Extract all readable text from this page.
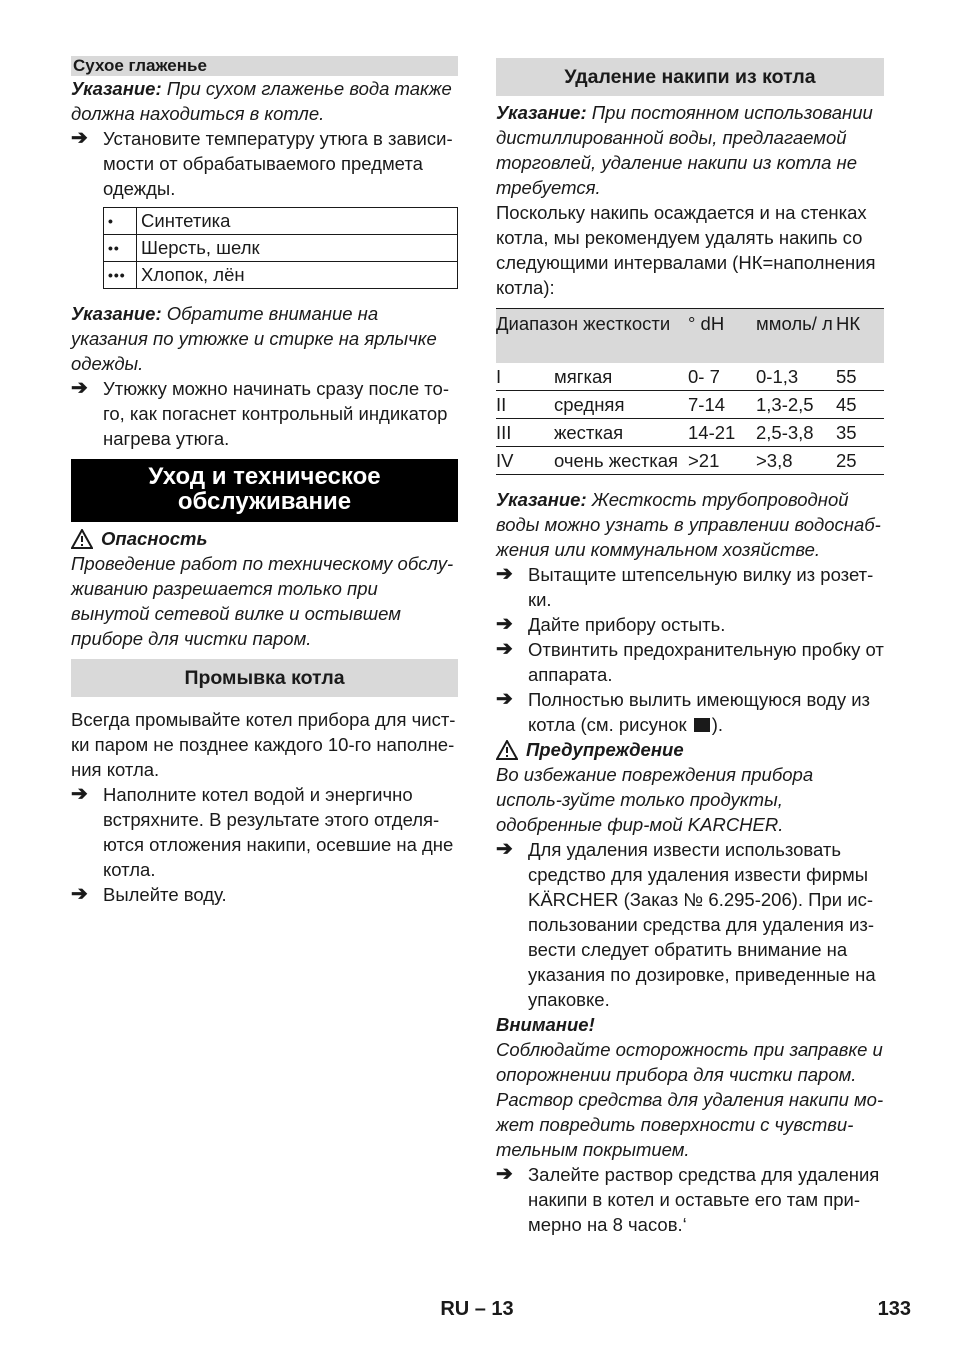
Сухое глаженье

Указание: При сухом глаженье вода также должна находиться в котле.

➔ Установите температуру утюга в зависи-мости от обрабатываемого предмета одежды.
•	Синтетика
••	Шерсть, шелк
•••	Хлопок, лён

Указание: Обратите внимание на указания по утюжке и стирке на ярлычке одежды.

➔ Утюжку можно начинать сразу после то-го, как погаснет контрольный индикатор нагрева утюга.
Уход и техническое
обслуживание
Опасность

Проведение работ по техническому обслу-живанию разрешается только при вынутой сетевой вилке и остывшем приборе для чистки паром.

Промывка котла

Всегда промывайте котел прибора для чист-ки паром не позднее каждого 10-го наполне-ния котла.

➔ Наполните котел водой и энергично встряхните. В результате этого отделя-ются отложения накипи, осевшие на дне котла.
➔ Вылейте воду.
Удаление накипи из котла

Указание: При постоянном использовании дистиллированной воды, предлагаемой торговлей, удаление накипи из котла не требуется.

Поскольку накипь осаждается и на стенках котла, мы рекомендуем удалять накипь со следующими интервалами (НК=наполнения котла):

Диапазон жесткости		° dH	ммоль/ л	НК
I	мягкая	0- 7	0-1,3	55
II	средняя	7-14	1,3-2,5	45
III	жесткая	14-21	2,5-3,8	35
IV	очень жесткая	>21	>3,8	25

Указание: Жесткость трубопроводной воды можно узнать в управлении водоснаб-жения или коммунальном хозяйстве.

➔ Вытащите штепсельную вилку из розет-ки.
➔ Дайте прибору остыть.
➔ Отвинтить предохранительную пробку от аппарата.
➔ Полностью вылить имеющуюся воду из котла (см. рисунок ).
Предупреждение

Во избежание повреждения прибора исполь-зуйте только продукты, одобренные фир-мой KARCHER.

➔ Для удаления извести использовать средство для удаления извести фирмы KÄRCHER (Заказ № 6.295-206). При ис-пользовании средства для удаления из-вести следует обратить внимание на указания по дозировке, приведенные на упаковке.

Внимание!

Соблюдайте осторожность при заправке и опорожнении прибора для чистки паром. Раствор средства для удаления накипи мо-жет повредить поверхности с чувстви-тельным покрытием.

➔ Залейте раствор средства для удаления накипи в котел и оставьте его там при-мерно на 8 часов.‘
RU – 13	133
